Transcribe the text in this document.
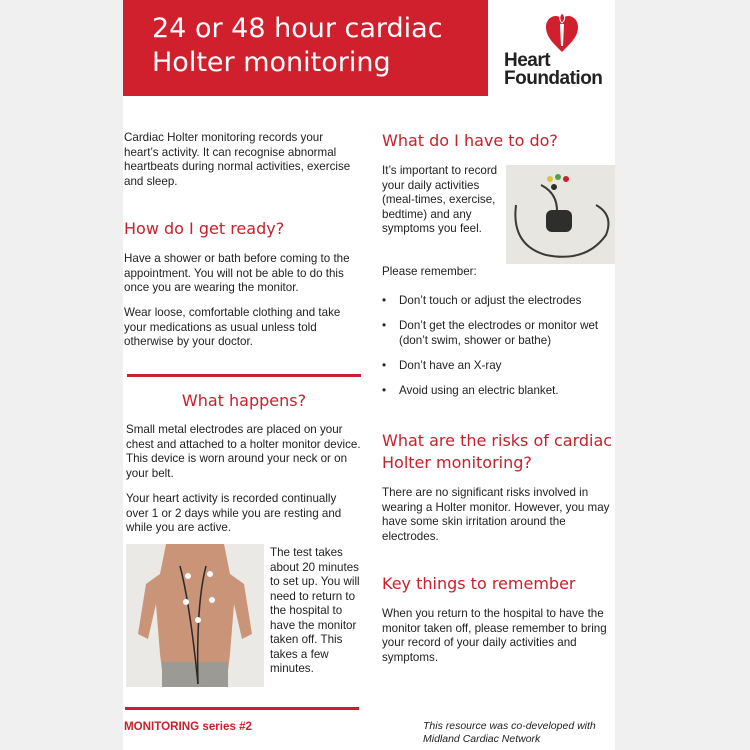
24 or 48 hour cardiac
Holter monitoring	Heart
Foundation
Cardiac Holter monitoring records your heart’s activity. It can recognise abnormal heartbeats during normal activities, exercise and sleep.
How do I get ready?
Have a shower or bath before coming to the appointment. You will not be able to do this once you are wearing the monitor.
Wear loose, comfortable clothing and take your medications as usual unless told otherwise by your doctor.
What happens?
Small metal electrodes are placed on your chest and attached to a holter monitor device. This device is worn around your neck or on your belt.
Your heart activity is recorded continually over 1 or 2 days while you are resting and while you are active.
The test takes about 20 minutes to set up. You will need to return to the hospital to have the monitor taken off. This takes a few minutes.
MONITORING series #2
What do I have to do?
It’s important to record your daily activities (meal-times, exercise, bedtime) and any symptoms you feel.
Please remember:
• Don’t touch or adjust the electrodes
• Don’t get the electrodes or monitor wet (don’t swim, shower or bathe)
• Don’t have an X-ray
• Avoid using an electric blanket.
What are the risks of cardiac Holter monitoring?
There are no significant risks involved in wearing a Holter monitor. However, you may have some skin irritation around the electrodes.
Key things to remember
When you return to the hospital to have the monitor taken off, please remember to bring your record of your daily activities and symptoms.
This resource was co-developed with Midland Cardiac Network
